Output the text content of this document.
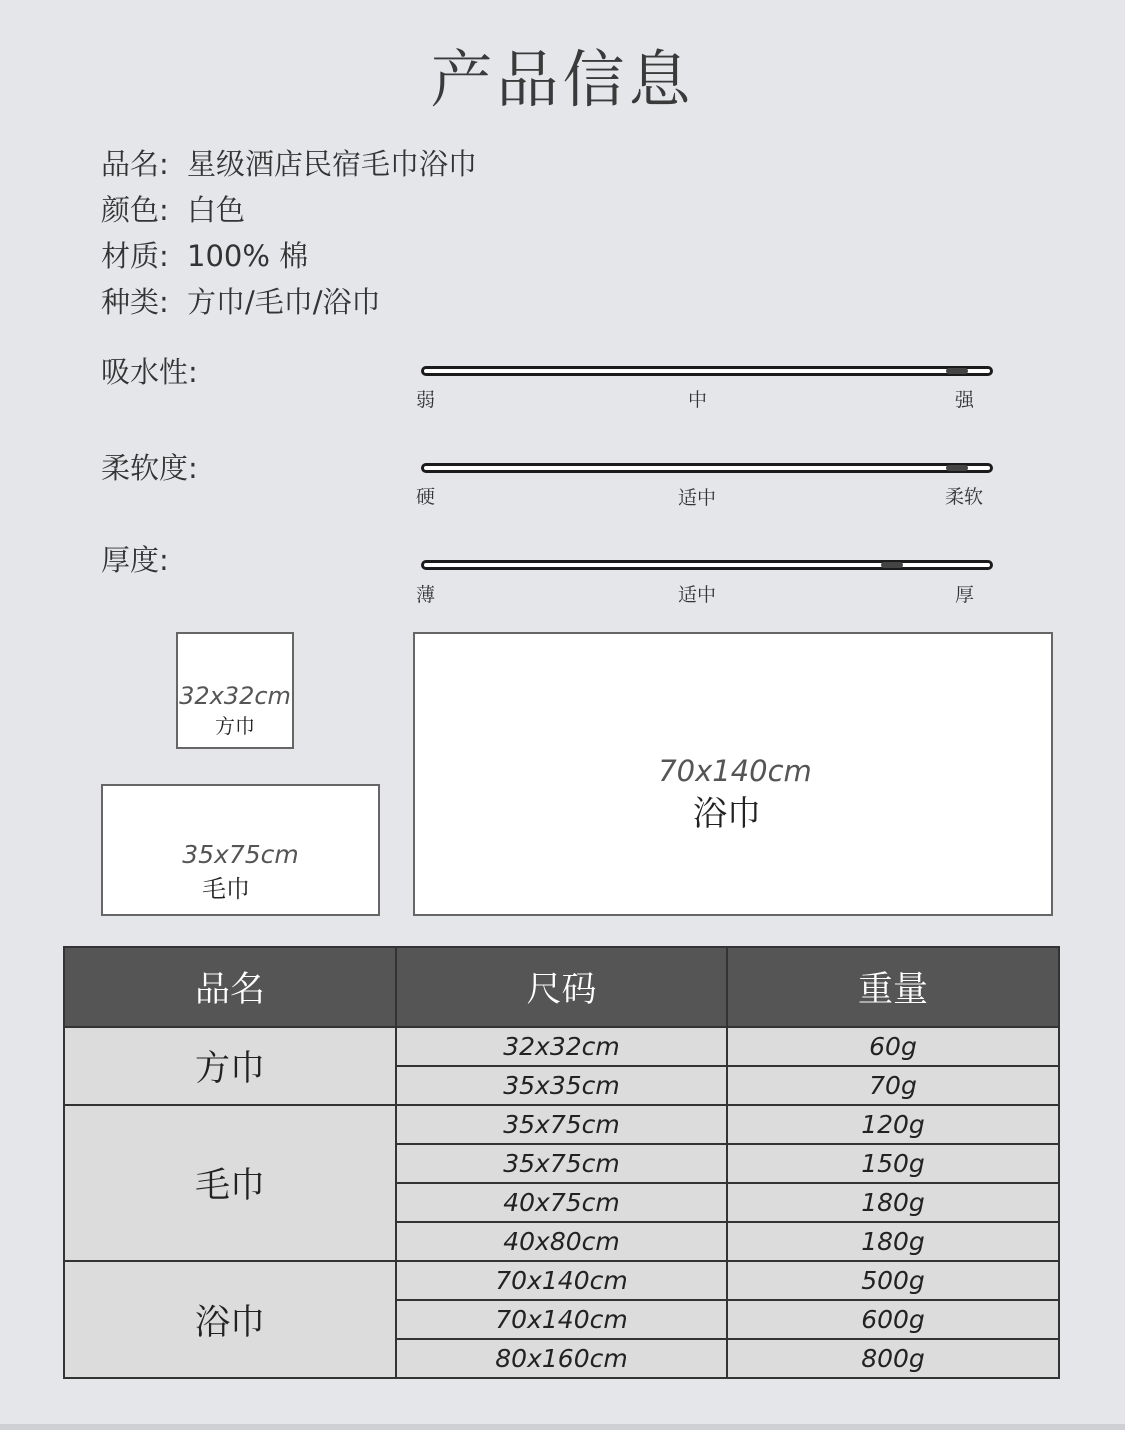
产品信息
品名: 星级酒店民宿毛巾浴巾
颜色: 白色
材质: 100% 棉
种类: 方巾/毛巾/浴巾
吸水性:
弱	中	强
柔软度:
硬	适中	柔软
厚度:
薄	适中	厚
32x32cm
方巾
35x75cm
毛巾
70x140cm
浴巾
品名	尺码	重量
方巾	32x32cm	60g
	35x35cm	70g
毛巾	35x75cm	120g
	35x75cm	150g
	40x75cm	180g
	40x80cm	180g
浴巾	70x140cm	500g
	70x140cm	600g
	80x160cm	800g
